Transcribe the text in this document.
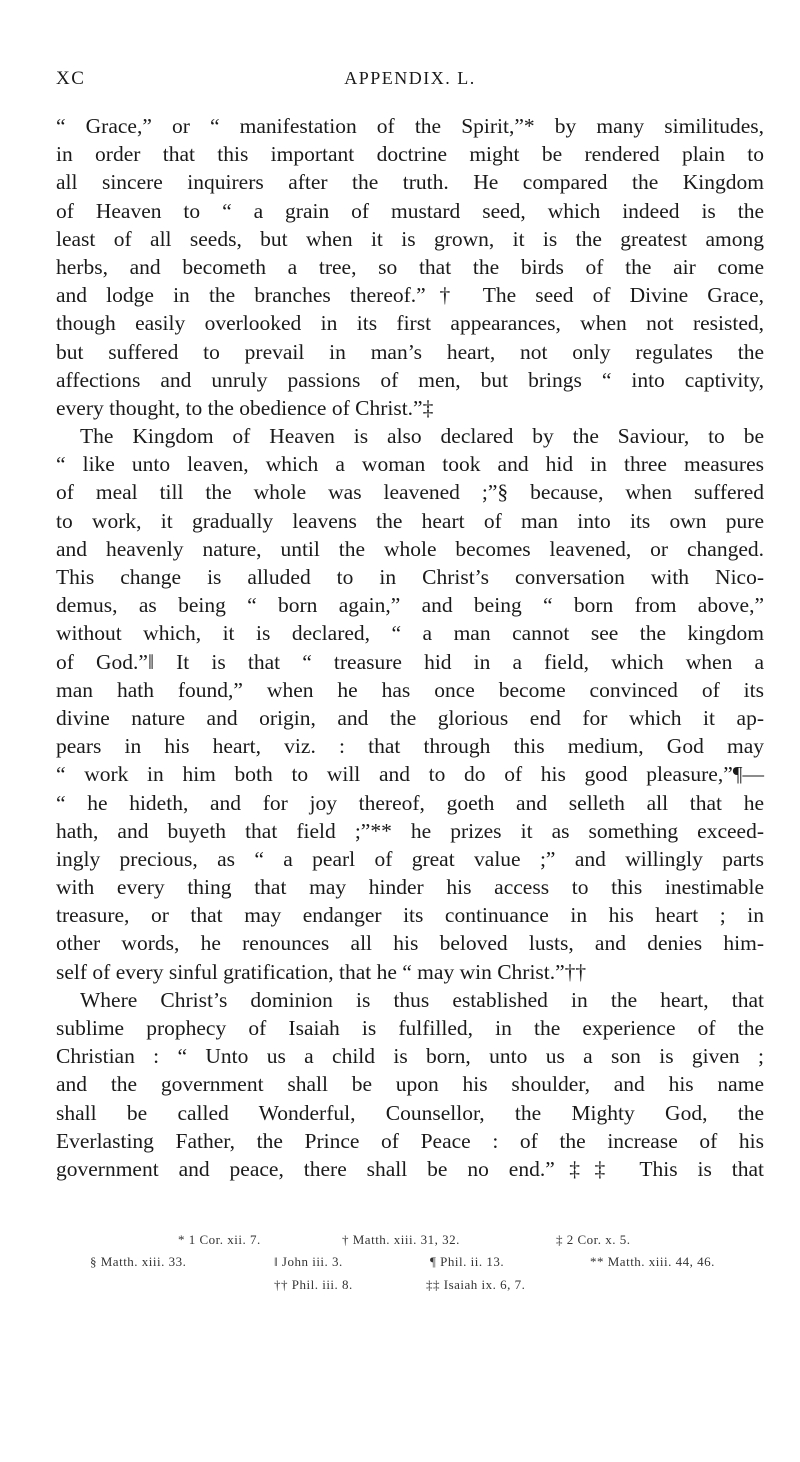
XC	APPENDIX. L.
“ Grace,” or “ manifestation of the Spirit,”* by many similitudes,
in order that this important doctrine might be rendered plain to
all sincere inquirers after the truth. He compared the Kingdom
of Heaven to “ a grain of mustard seed, which indeed is the
least of all seeds, but when it is grown, it is the greatest among
herbs, and becometh a tree, so that the birds of the air come
and lodge in the branches thereof.”† The seed of Divine Grace,
though easily overlooked in its first appearances, when not resisted,
but suffered to prevail in man’s heart, not only regulates the
affections and unruly passions of men, but brings “ into captivity,
every thought, to the obedience of Christ.”‡
The Kingdom of Heaven is also declared by the Saviour, to be
“ like unto leaven, which a woman took and hid in three measures
of meal till the whole was leavened ;”§ because, when suffered
to work, it gradually leavens the heart of man into its own pure
and heavenly nature, until the whole becomes leavened, or changed.
This change is alluded to in Christ’s conversation with Nico-
demus, as being “ born again,” and being “ born from above,”
without which, it is declared, “ a man cannot see the kingdom
of God.”‖ It is that “ treasure hid in a field, which when a
man hath found,” when he has once become convinced of its
divine nature and origin, and the glorious end for which it ap-
pears in his heart, viz. : that through this medium, God may
“ work in him both to will and to do of his good pleasure,”¶—
“ he hideth, and for joy thereof, goeth and selleth all that he
hath, and buyeth that field ;”** he prizes it as something exceed-
ingly precious, as “ a pearl of great value ;” and willingly parts
with every thing that may hinder his access to this inestimable
treasure, or that may endanger its continuance in his heart ; in
other words, he renounces all his beloved lusts, and denies him-
self of every sinful gratification, that he “ may win Christ.”††
Where Christ’s dominion is thus established in the heart, that
sublime prophecy of Isaiah is fulfilled, in the experience of the
Christian : “ Unto us a child is born, unto us a son is given ;
and the government shall be upon his shoulder, and his name
shall be called Wonderful, Counsellor, the Mighty God, the
Everlasting Father, the Prince of Peace : of the increase of his
government and peace, there shall be no end.”‡‡ This is that
* 1 Cor. xii. 7.	† Matth. xiii. 31, 32.	‡ 2 Cor. x. 5.
§ Matth. xiii. 33.	‖ John iii. 3.	¶ Phil. ii. 13.	** Matth. xiii. 44, 46.
†† Phil. iii. 8.	‡‡ Isaiah ix. 6, 7.
